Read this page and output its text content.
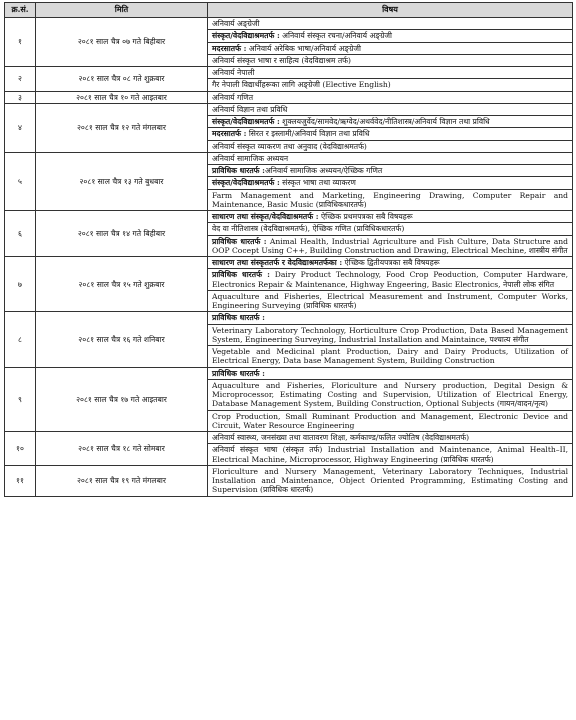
क्र.सं.	मिति	विषय
१	२०८१ साल चैत्र ०७ गते बिहीबार	अनिवार्य अङ्ग्रेजी
संस्कृत/वेदविद्याश्रमतर्फ : अनिवार्य संस्कृत रचना/अनिवार्य अङ्ग्रेजी
मदरसातर्फ : अनिवार्य अरेबिक भाषा/अनिवार्य अङ्ग्रेजी
अनिवार्य संस्कृत भाषा र साहित्य (वेदविद्याश्रम तर्फ)

२	२०८१ साल चैत्र ०८ गते शुक्रबार	अनिवार्य नेपाली
गैर नेपाली विद्यार्थीहरूका लागि अङ्ग्रेजी (Elective English)

३	२०८१ साल चैत्र १० गते आइतबार	अनिवार्य गणित

४	२०८१ साल चैत्र १२ गते मंगलबार	अनिवार्य विज्ञान तथा प्रविधि
संस्कृत/वेदविद्याश्रमतर्फ : शुक्लयजुर्वेद/सामवेद/ऋग्वेद/अथर्ववेद/नीतिशास्त्र/अनिवार्य विज्ञान तथा प्रविधि
मदरसातर्फ : सिरत र इस्लामी/अनिवार्य विज्ञान तथा प्रविधि
अनिवार्य संस्कृत व्याकरण तथा अनुवाद (वेदविद्याश्रमतर्फ)

५	२०८१ साल चैत्र १३ गते बुधबार	अनिवार्य सामाजिक अध्ययन
प्राविधिक धारतर्फ :अनिवार्य सामाजिक अध्ययन/ऐच्छिक गणित
संस्कृत/वेदविद्याश्रमतर्फ : संस्कृत भाषा तथा व्याकरण
Farm Management and Marketing, Engineering Drawing, Computer Repair and Maintenance, Basic Music (प्राविधिकधारतर्फ)

६	२०८१ साल चैत्र १४ गते बिहीबार	साधारण तथा संस्कृत/वेदविद्याश्रमतर्फ : ऐच्छिक प्रथमपत्रका सबै विषयहरू
वेद वा नीतिशास्त्र (वेदविद्याश्रमतर्फ), ऐच्छिक गणित (प्राविधिकधारतर्फ)
प्राविधिक धारतर्फ : Animal Health, Industrial Agriculture and Fish Culture, Data Structure and OOP Cocept Using C++, Building Construction and Drawing, Electrical Mechine, शास्त्रीय संगीत

७	२०८१ साल चैत्र १५ गते शुक्रबार	साधारण तथा संस्कृततर्फ र वेदविद्याश्रमतर्फका : ऐच्छिक द्वितीयपत्रका सबै विषयहरू
प्राविधिक धारतर्फ : Dairy Product Technology, Food Crop Peoduction, Computer Hardware, Electronics Repair & Maintenance, Highway Engeering, Basic Electronics, नेपाली लोक संगित
Aquaculture and Fisheries, Electrical Measurement and Instrument, Computer Works, Engineering Surveying (प्राविधिक धारतर्फ)

८	२०८१ साल चैत्र १६ गते शनिबार	प्राविधिक धारतर्फ :
Veterinary Laboratory Technology, Horticulture Crop Production, Data Based Management System, Engineering Surveying, Industrial Installation and Maintaince, पश्चात्य संगीत
Vegetable and Medicinal plant Production, Dairy and Dairy Products, Utilization of Electrical Energy, Data base Management System, Building Construction

९	२०८१ साल चैत्र १७ गते आइतबार	प्राविधिक धारतर्फ :
Aquaculture and Fisheries, Floriculture and Nursery production, Degital Design & Microprocessor, Estimating Costing and Supervision, Utilization of Electrical Energy, Database Management System, Building Construction, Optional Subjects (गायन/वादन/नृत्य)
Crop Production, Small Ruminant Production and Management, Electronic Device and Circuit, Water Resource Engineering

१०	२०८१ साल चैत्र १८ गते सोमबार	अनिवार्य स्वास्थ्य, जनसंख्या तथा वातावरण शिक्षा, कर्मकाण्ड/फलित ज्योतिष (वेदविद्याश्रमतर्फ)
अनिवार्य संस्कृत भाषा (संस्कृत तर्फ) Industrial Installation and Maintenance, Animal Health–II, Electrical Machine, Microprocessor, Highway Engineering (प्राविधिक धारतर्फ)

११	२०८१ साल चैत्र १९ गते मंगलबार	Floriculture and Nursery Management, Veterinary Laboratory Techniques, Industrial Installation and Maintenance, Object Oriented Programming, Estimating Costing and Supervision (प्राविधिक धारतर्फ)
